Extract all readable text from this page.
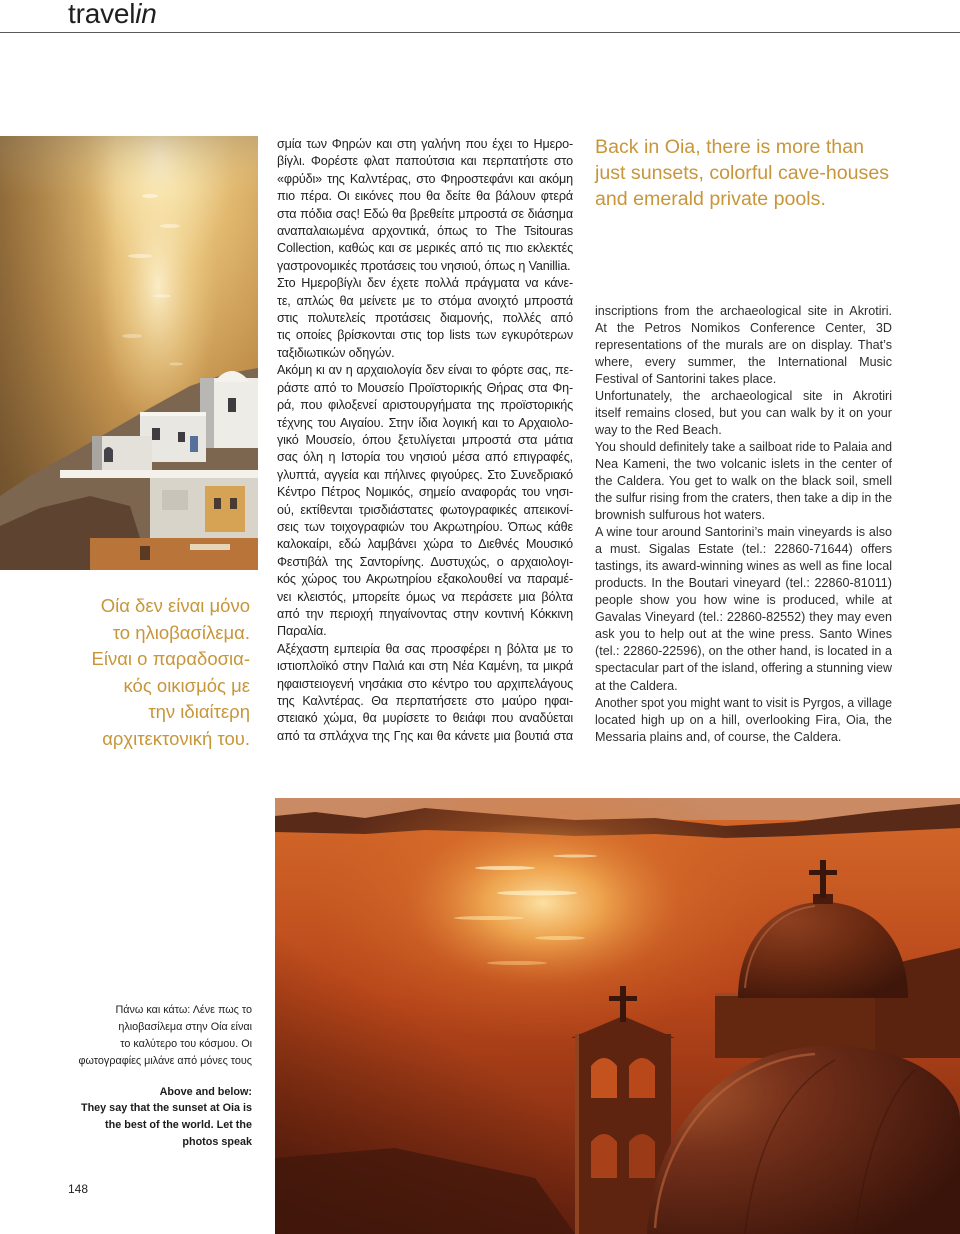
travelin
Οία δεν είναι μόνο
το ηλιοβασίλεμα.
Είναι ο παραδοσια-
κός οικισμός με
την ιδιαίτερη
αρχιτεκτονική του.
σμία των Φηρών και στη γαλήνη που έχει το Ημερο-
βίγλι. Φορέστε φλατ παπούτσια και περπατήστε στο
«φρύδι» της Καλντέρας, στο Φηροστεφάνι και ακόμη
πιο πέρα. Οι εικόνες που θα δείτε θα βάλουν φτερά
στα πόδια σας! Εδώ θα βρεθείτε μπροστά σε διάσημα
αναπαλαιωμένα αρχοντικά, όπως το The Tsitouras
Collection, καθώς και σε μερικές από τις πιο εκλεκτές
γαστρονομικές προτάσεις του νησιού, όπως η Vanillia.
Στο Ημεροβίγλι δεν έχετε πολλά πράγματα να κάνε-
τε, απλώς θα μείνετε με το στόμα ανοιχτό μπροστά
στις πολυτελείς προτάσεις διαμονής, πολλές από
τις οποίες βρίσκονται στις top lists των εγκυρότερων
ταξιδιωτικών οδηγών.
Ακόμη κι αν η αρχαιολογία δεν είναι το φόρτε σας, πε-
ράστε από το Μουσείο Προϊστορικής Θήρας στα Φη-
ρά, που φιλοξενεί αριστουργήματα της προϊστορικής
τέχνης του Αιγαίου. Στην ίδια λογική και το Αρχαιολο-
γικό Μουσείο, όπου ξετυλίγεται μπροστά στα μάτια
σας όλη η Ιστορία του νησιού μέσα από επιγραφές,
γλυπτά, αγγεία και πήλινες φιγούρες. Στο Συνεδριακό
Κέντρο Πέτρος Νομικός, σημείο αναφοράς του νησι-
ού, εκτίθενται τρισδιάστατες φωτογραφικές απεικονί-
σεις των τοιχογραφιών του Ακρωτηρίου. Όπως κάθε
καλοκαίρι, εδώ λαμβάνει χώρα το Διεθνές Μουσικό
Φεστιβάλ της Σαντορίνης. Δυστυχώς, ο αρχαιολογι-
κός χώρος του Ακρωτηρίου εξακολουθεί να παραμέ-
νει κλειστός, μπορείτε όμως να περάσετε μια βόλτα
από την περιοχή πηγαίνοντας στην κοντινή Κόκκινη
Παραλία.
Αξέχαστη εμπειρία θα σας προσφέρει η βόλτα με το
ιστιοπλοϊκό στην Παλιά και στη Νέα Καμένη, τα μικρά
ηφαιστειογενή νησάκια στο κέντρο του αρχιπελάγους
της Καλντέρας. Θα περπατήσετε στο μαύρο ηφαι-
στειακό χώμα, θα μυρίσετε το θειάφι που αναδύεται
από τα σπλάχνα της Γης και θα κάνετε μια βουτιά στα
Back in Oia, there is more than
just sunsets, colorful cave-houses
and emerald private pools.
inscriptions from the archaeological site in Akrotiri.
At the Petros Nomikos Conference Center, 3D
representations of the murals are on display. That’s
where, every summer, the International Music
Festival of Santorini takes place.
Unfortunately, the archaeological site in Akrotiri
itself remains closed, but you can walk by it on your
way to the Red Beach.
You should definitely take a sailboat ride to Palaia and
Nea Kameni, the two volcanic islets in the center of
the Caldera. You get to walk on the black soil, smell
the sulfur rising from the craters, then take a dip in the
brownish sulfurous hot waters.
A wine tour around Santorini’s main vineyards is also
a must. Sigalas Estate (tel.: 22860-71644) offers
tastings, its award-winning wines as well as fine local
products. In the Boutari vineyard (tel.: 22860-81011)
people show you how wine is produced, while at
Gavalas Vineyard (tel.: 22860-82552) they may even
ask you to help out at the wine press. Santo Wines
(tel.: 22860-22596), on the other hand, is located in a
spectacular part of the island, offering a stunning view
at the Caldera.
Another spot you might want to visit is Pyrgos, a village
located high up on a hill, overlooking Fira, Oia, the
Messaria plains and, of course, the Caldera.
Πάνω και κάτω: Λένε πως το
ηλιοβασίλεμα στην Οία είναι
το καλύτερο του κόσμου. Οι
φωτογραφίες μιλάνε από μόνες τους
Above and below:
They say that the sunset at Oia is
the best of the world. Let the
photos speak
148
